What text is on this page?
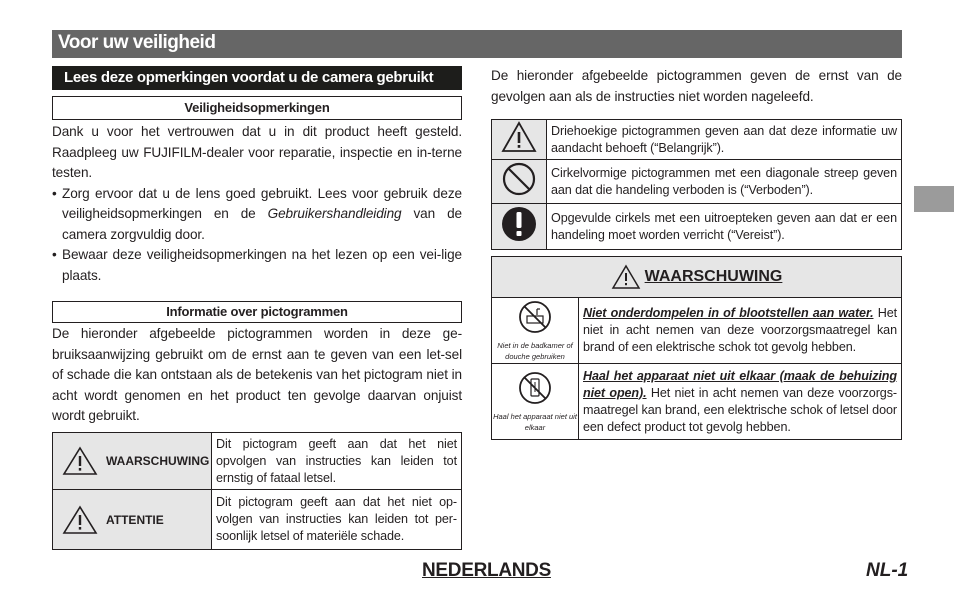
Voor uw veiligheid
Lees deze opmerkingen voordat u de camera gebruikt
Veiligheidsopmerkingen
Dank u voor het vertrouwen dat u in dit product heeft gesteld. Raadpleeg uw FUJIFILM-dealer voor reparatie, inspectie en in-terne testen.
• Zorg ervoor dat u de lens goed gebruikt. Lees voor gebruik deze veiligheidsopmerkingen en de Gebruikershandleiding van de camera zorgvuldig door.
• Bewaar deze veiligheidsopmerkingen na het lezen op een vei-lige plaats.
Informatie over pictogrammen
De hieronder afgebeelde pictogrammen worden in deze ge-bruiksaanwijzing gebruikt om de ernst aan te geven van een let-sel of schade die kan ontstaan als de betekenis van het pictogram niet in acht wordt genomen en het product ten gevolge daarvan onjuist wordt gebruikt.
WAARSCHUWING	Dit pictogram geeft aan dat het niet opvolgen van instructies kan leiden tot ernstig of fataal letsel.

ATTENTIE	Dit pictogram geeft aan dat het niet op-volgen van instructies kan leiden tot per-soonlijk letsel of materiële schade.
De hieronder afgebeelde pictogrammen geven de ernst van de gevolgen aan als de instructies niet worden nageleefd.
	Driehoekige pictogrammen geven aan dat deze informatie uw aandacht behoeft (“Belangrijk”).
	Cirkelvormige pictogrammen met een diagonale streep geven aan dat die handeling verboden is (“Verboden”).
	Opgevulde cirkels met een uitroepteken geven aan dat er een handeling moet worden verricht (“Vereist”).
WAARSCHUWING	

Niet in de badkamer of douche gebruiken	Niet onderdompelen in of blootstellen aan water. Het niet in acht nemen van deze voorzorgsmaatregel kan brand of een elektrische schok tot gevolg hebben.

Haal het apparaat niet uit elkaar	Haal het apparaat niet uit elkaar (maak de behuizing niet open). Het niet in acht nemen van deze voorzorgs-maatregel kan brand, een elektrische schok of letsel door een defect product tot gevolg hebben.
NEDERLANDS	NL-1
